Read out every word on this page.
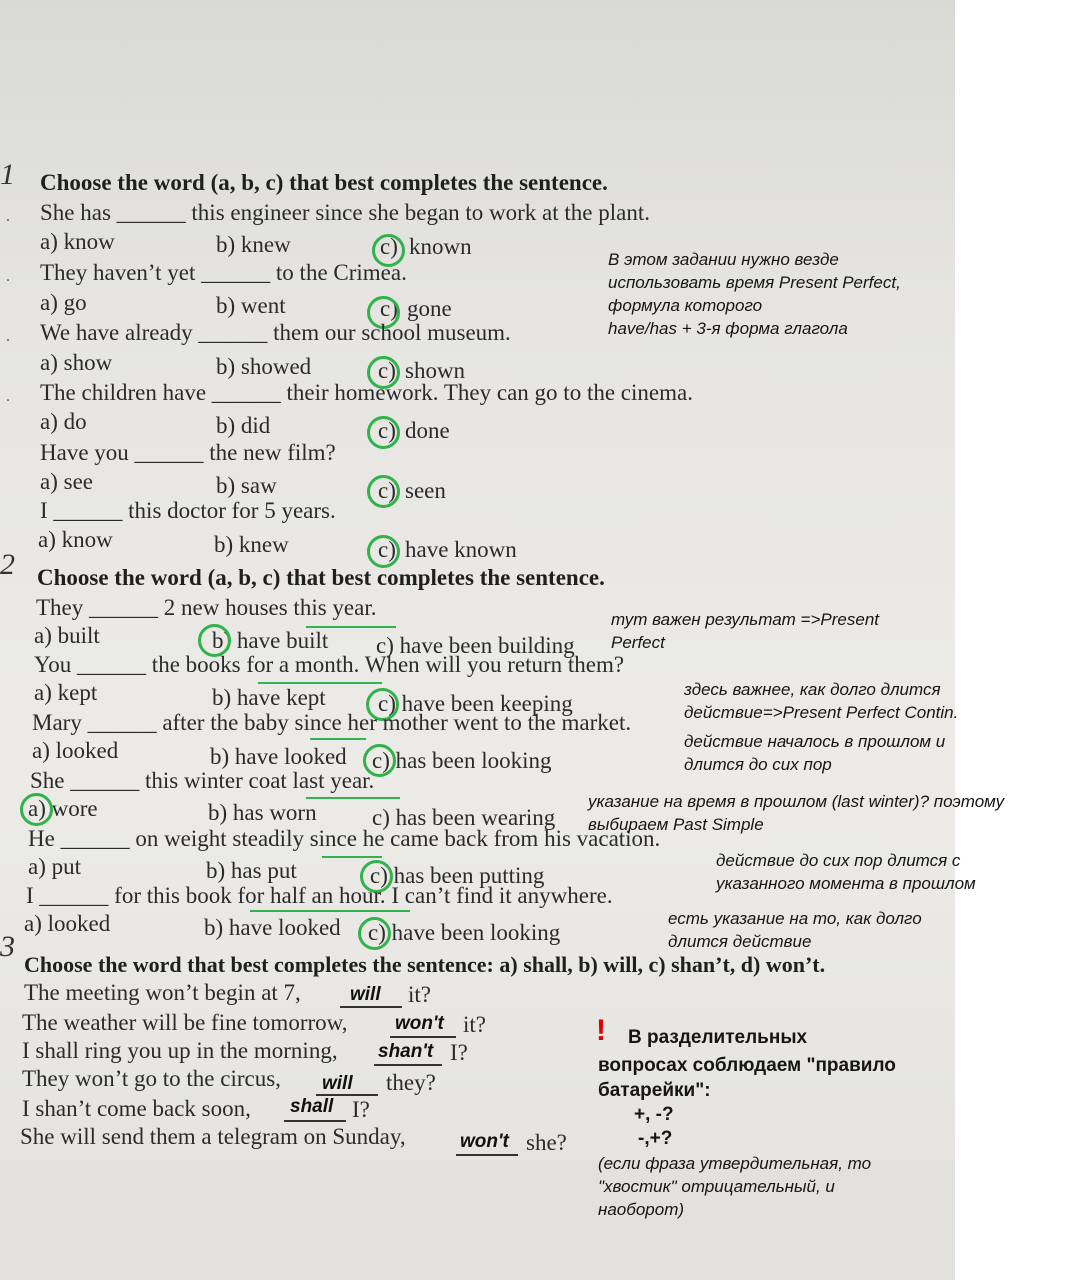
1 Choose the word (a, b, c) that best completes the sentence.
. She has ______ this engineer since she began to work at the plant.
a) know	b) knew	c) known
. They haven’t yet ______ to the Crimea.
a) go	b) went	c) gone
. We have already ______ them our school museum.
a) show	b) showed	c) shown
. The children have ______ their homework. They can go to the cinema.
a) do	b) did	c) done
Have you ______ the new film?
a) see	b) saw	c) seen
I ______ this doctor for 5 years.
a) know	b) knew	c) have known
В этом задании нужно везде
использовать время Present Perfect,
формула которого
have/has + 3-я форма глагола
2 Choose the word (a, b, c) that best completes the sentence.
They ______ 2 new houses this year.
a) built	b) have built c) have been building
You ______ the books for a month. When will you return them?
a) kept	b) have kept c) have been keeping
Mary ______ after the baby since her mother went to the market.
a) looked	b) have looked c) has been looking
She ______ this winter coat last year.
a) wore	b) has worn c) has been wearing
He ______ on weight steadily since he came back from his vacation.
a) put	b) has put	c) has been putting
I ______ for this book for half an hour. I can’t find it anywhere.
a) looked	b) have looked c) have been looking
тут важен результат =>Present
Perfect
здесь важнее, как долго длится
действие=>Present Perfect Contin.
действие началось в прошлом и
длится до сих пор
указание на время в прошлом (last winter)? поэтому
выбираем Past Simple
действие до сих пор длится с
указанного момента в прошлом
есть указание на то, как долго
длится действие
3
Choose the word that best completes the sentence: a) shall, b) will, c) shan’t, d) won’t.
The meeting won’t begin at 7,	will it?
The weather will be fine tomorrow, won't it?
I shall ring you up in the morning, shan't I?
They won’t go to the circus, will they?
I shan’t come back soon, shall I?
She will send them a telegram on Sunday,	won't she?
! В разделительных
вопросах соблюдаем "правило
батарейки":
+, -?
-,+?
(если фраза утвердительная, то
"хвостик" отрицательный, и
наоборот)
